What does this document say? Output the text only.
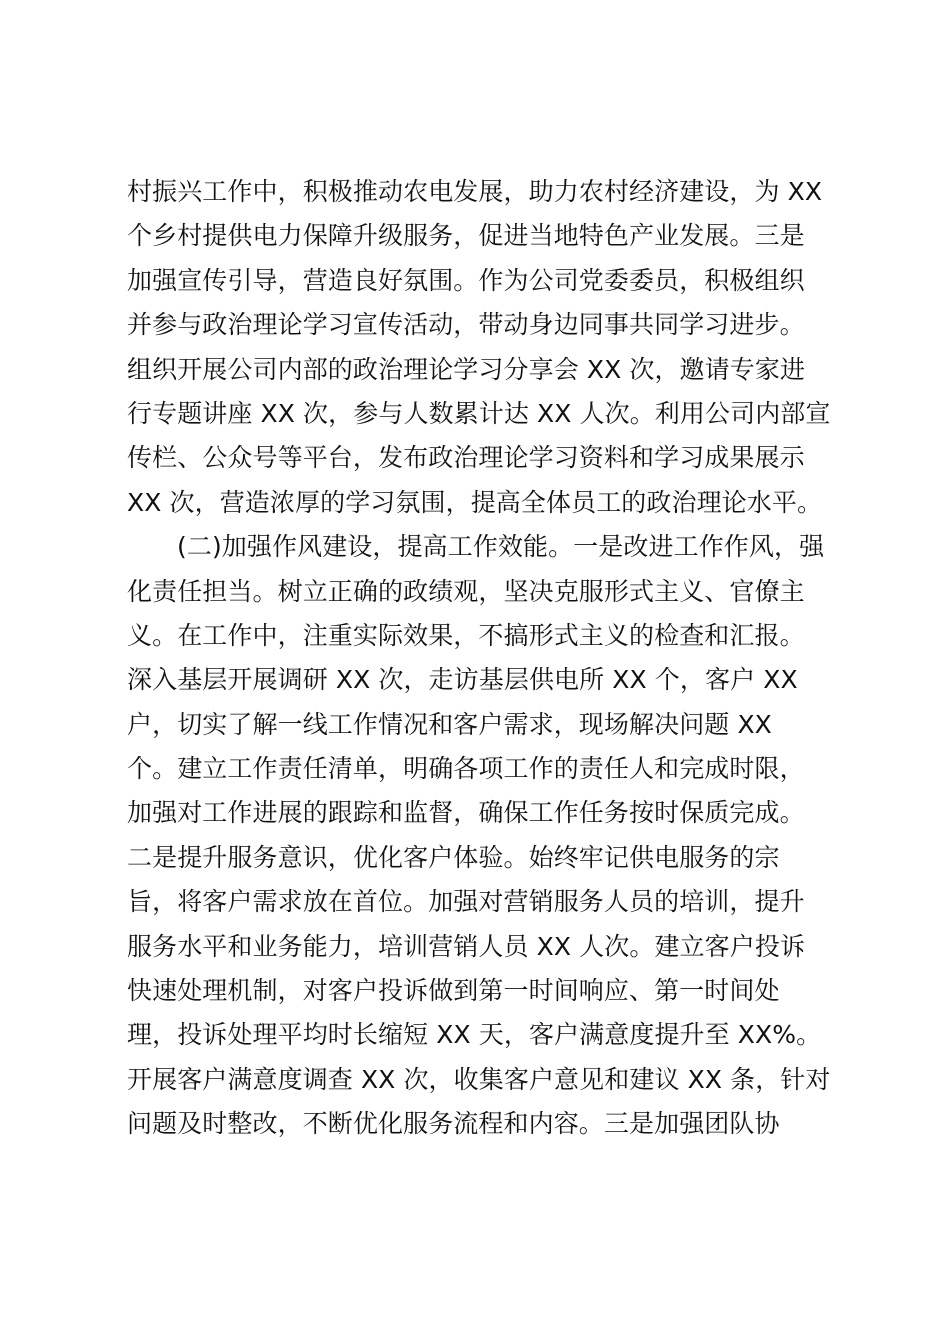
村振兴工作中，积极推动农电发展，助力农村经济建设，为 XX
个乡村提供电力保障升级服务，促进当地特色产业发展。三是
加强宣传引导，营造良好氛围。作为公司党委委员，积极组织
并参与政治理论学习宣传活动，带动身边同事共同学习进步。
组织开展公司内部的政治理论学习分享会 XX 次，邀请专家进
行专题讲座 XX 次，参与人数累计达 XX 人次。利用公司内部宣
传栏、公众号等平台，发布政治理论学习资料和学习成果展示
XX 次，营造浓厚的学习氛围，提高全体员工的政治理论水平。
(二)加强作风建设，提高工作效能。一是改进工作作风，强
化责任担当。树立正确的政绩观，坚决克服形式主义、官僚主
义。在工作中，注重实际效果，不搞形式主义的检查和汇报。
深入基层开展调研 XX 次，走访基层供电所 XX 个，客户 XX
户，切实了解一线工作情况和客户需求，现场解决问题 XX
个。建立工作责任清单，明确各项工作的责任人和完成时限，
加强对工作进展的跟踪和监督，确保工作任务按时保质完成。
二是提升服务意识，优化客户体验。始终牢记供电服务的宗
旨，将客户需求放在首位。加强对营销服务人员的培训，提升
服务水平和业务能力，培训营销人员 XX 人次。建立客户投诉
快速处理机制，对客户投诉做到第一时间响应、第一时间处
理，投诉处理平均时长缩短 XX 天，客户满意度提升至 XX%。
开展客户满意度调查 XX 次，收集客户意见和建议 XX 条，针对
问题及时整改，不断优化服务流程和内容。三是加强团队协
